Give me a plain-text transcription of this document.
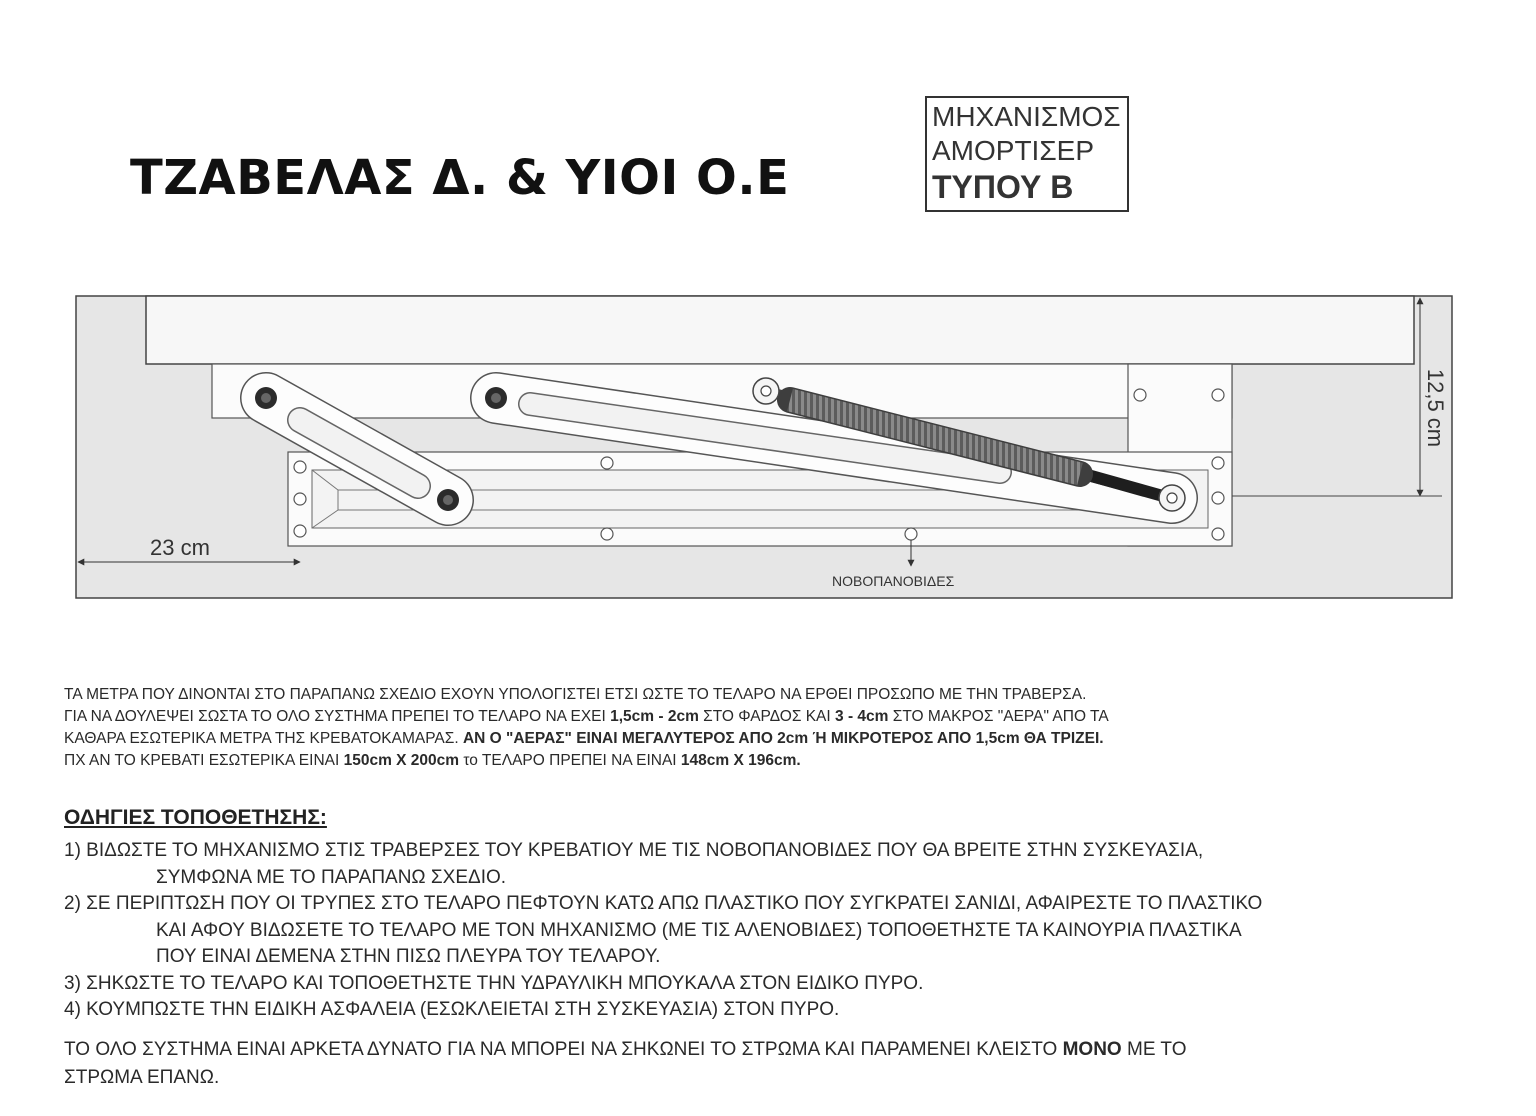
ΤΖΑΒΕΛΑΣ Δ. & ΥΙΟΙ Ο.Ε
ΜΗΧΑΝΙΣΜΟΣ
ΑΜΟΡΤΙΣΕΡ
ΤΥΠΟΥ Β
23 cm
12,5 cm
ΝΟΒΟΠΑΝΟΒΙΔΕΣ

ΤΑ ΜΕΤΡΑ ΠΟΥ ΔΙΝΟΝΤΑΙ ΣΤΟ ΠΑΡΑΠΑΝΩ ΣΧΕΔΙΟ ΕΧΟΥΝ ΥΠΟΛΟΓΙΣΤΕΙ ΕΤΣΙ ΩΣΤΕ ΤΟ ΤΕΛΑΡΟ ΝΑ ΕΡΘΕΙ ΠΡΟΣΩΠΟ ΜΕ ΤΗΝ ΤΡΑΒΕΡΣΑ.

ΓΙΑ ΝΑ ΔΟΥΛΕΨΕΙ ΣΩΣΤΑ ΤΟ ΟΛΟ ΣΥΣΤΗΜΑ ΠΡΕΠΕΙ ΤΟ ΤΕΛΑΡΟ ΝΑ ΕΧΕΙ 1,5cm - 2cm ΣΤΟ ΦΑΡΔΟΣ ΚΑΙ 3 - 4cm ΣΤΟ ΜΑΚΡΟΣ "ΑΕΡΑ" ΑΠΟ ΤΑ

ΚΑΘΑΡΑ ΕΣΩΤΕΡΙΚΑ ΜΕΤΡΑ ΤΗΣ ΚΡΕΒΑΤΟΚΑΜΑΡΑΣ. ΑΝ Ο "ΑΕΡΑΣ" ΕΙΝΑΙ ΜΕΓΑΛΥΤΕΡΟΣ ΑΠΟ 2cm Ή ΜΙΚΡΟΤΕΡΟΣ ΑΠΟ 1,5cm ΘΑ ΤΡΙΖΕΙ.

ΠΧ ΑΝ ΤΟ ΚΡΕΒΑΤΙ ΕΣΩΤΕΡΙΚΑ ΕΙΝΑΙ 150cm X 200cm το ΤΕΛΑΡΟ ΠΡΕΠΕΙ ΝΑ ΕΙΝΑΙ 148cm X 196cm.

ΟΔΗΓΙΕΣ ΤΟΠΟΘΕΤΗΣΗΣ:

1) ΒΙΔΩΣΤΕ ΤΟ ΜΗΧΑΝΙΣΜΟ ΣΤΙΣ ΤΡΑΒΕΡΣΕΣ ΤΟΥ ΚΡΕΒΑΤΙΟΥ ΜΕ ΤΙΣ ΝΟΒΟΠΑΝΟΒΙΔΕΣ ΠΟΥ ΘΑ ΒΡΕΙΤΕ ΣΤΗΝ ΣΥΣΚΕΥΑΣΙΑ,

ΣΥΜΦΩΝΑ ΜΕ ΤΟ ΠΑΡΑΠΑΝΩ ΣΧΕΔΙΟ.

2) ΣΕ ΠΕΡΙΠΤΩΣΗ ΠΟΥ ΟΙ ΤΡΥΠΕΣ ΣΤΟ ΤΕΛΑΡΟ ΠΕΦΤΟΥΝ ΚΑΤΩ ΑΠΩ ΠΛΑΣΤΙΚΟ ΠΟΥ ΣΥΓΚΡΑΤΕΙ ΣΑΝΙΔΙ, ΑΦΑΙΡΕΣΤΕ ΤΟ ΠΛΑΣΤΙΚΟ

ΚΑΙ ΑΦΟΥ ΒΙΔΩΣΕΤΕ ΤΟ ΤΕΛΑΡΟ ΜΕ ΤΟΝ ΜΗΧΑΝΙΣΜΟ (ΜΕ ΤΙΣ ΑΛΕΝΟΒΙΔΕΣ) ΤΟΠΟΘΕΤΗΣΤΕ ΤΑ ΚΑΙΝΟΥΡΙΑ ΠΛΑΣΤΙΚΑ

ΠΟΥ ΕΙΝΑΙ ΔΕΜΕΝΑ ΣΤΗΝ ΠΙΣΩ ΠΛΕΥΡΑ ΤΟΥ ΤΕΛΑΡΟΥ.

3) ΣΗΚΩΣΤΕ ΤΟ ΤΕΛΑΡΟ ΚΑΙ ΤΟΠΟΘΕΤΗΣΤΕ ΤΗΝ ΥΔΡΑΥΛΙΚΗ ΜΠΟΥΚΑΛΑ ΣΤΟΝ ΕΙΔΙΚΟ ΠΥΡΟ.

4) ΚΟΥΜΠΩΣΤΕ ΤΗΝ ΕΙΔΙΚΗ ΑΣΦΑΛΕΙΑ (ΕΣΩΚΛΕΙΕΤΑΙ ΣΤΗ ΣΥΣΚΕΥΑΣΙΑ) ΣΤΟΝ ΠΥΡΟ.

ΤΟ ΟΛΟ ΣΥΣΤΗΜΑ ΕΙΝΑΙ ΑΡΚΕΤΑ ΔΥΝΑΤΟ ΓΙΑ ΝΑ ΜΠΟΡΕΙ ΝΑ ΣΗΚΩΝΕΙ ΤΟ ΣΤΡΩΜΑ ΚΑΙ ΠΑΡΑΜΕΝΕΙ ΚΛΕΙΣΤΟ ΜΟΝΟ ΜΕ ΤΟ

ΣΤΡΩΜΑ ΕΠΑΝΩ.
